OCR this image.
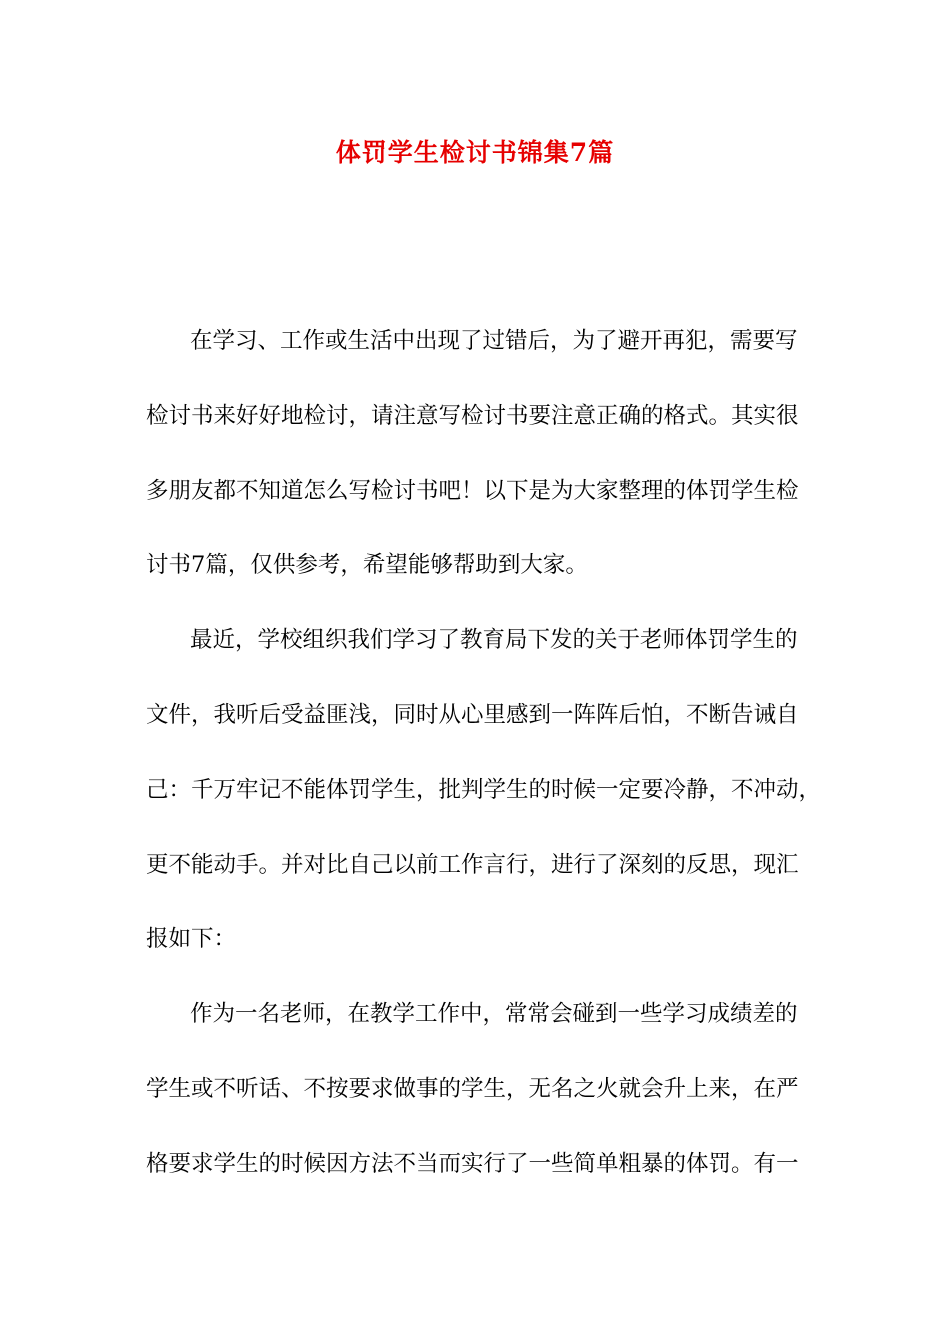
体罚学生检讨书锦集7篇
在学习、工作或生活中出现了过错后，为了避开再犯，需要写
检讨书来好好地检讨，请注意写检讨书要注意正确的格式。其实很
多朋友都不知道怎么写检讨书吧！以下是为大家整理的体罚学生检
讨书7篇，仅供参考，希望能够帮助到大家。
最近，学校组织我们学习了教育局下发的关于老师体罚学生的
文件，我听后受益匪浅，同时从心里感到一阵阵后怕，不断告诫自
己：千万牢记不能体罚学生，批判学生的时候一定要冷静，不冲动，
更不能动手。并对比自己以前工作言行，进行了深刻的反思，现汇
报如下：
作为一名老师，在教学工作中，常常会碰到一些学习成绩差的
学生或不听话、不按要求做事的学生，无名之火就会升上来，在严
格要求学生的时候因方法不当而实行了一些简单粗暴的体罚。有一
